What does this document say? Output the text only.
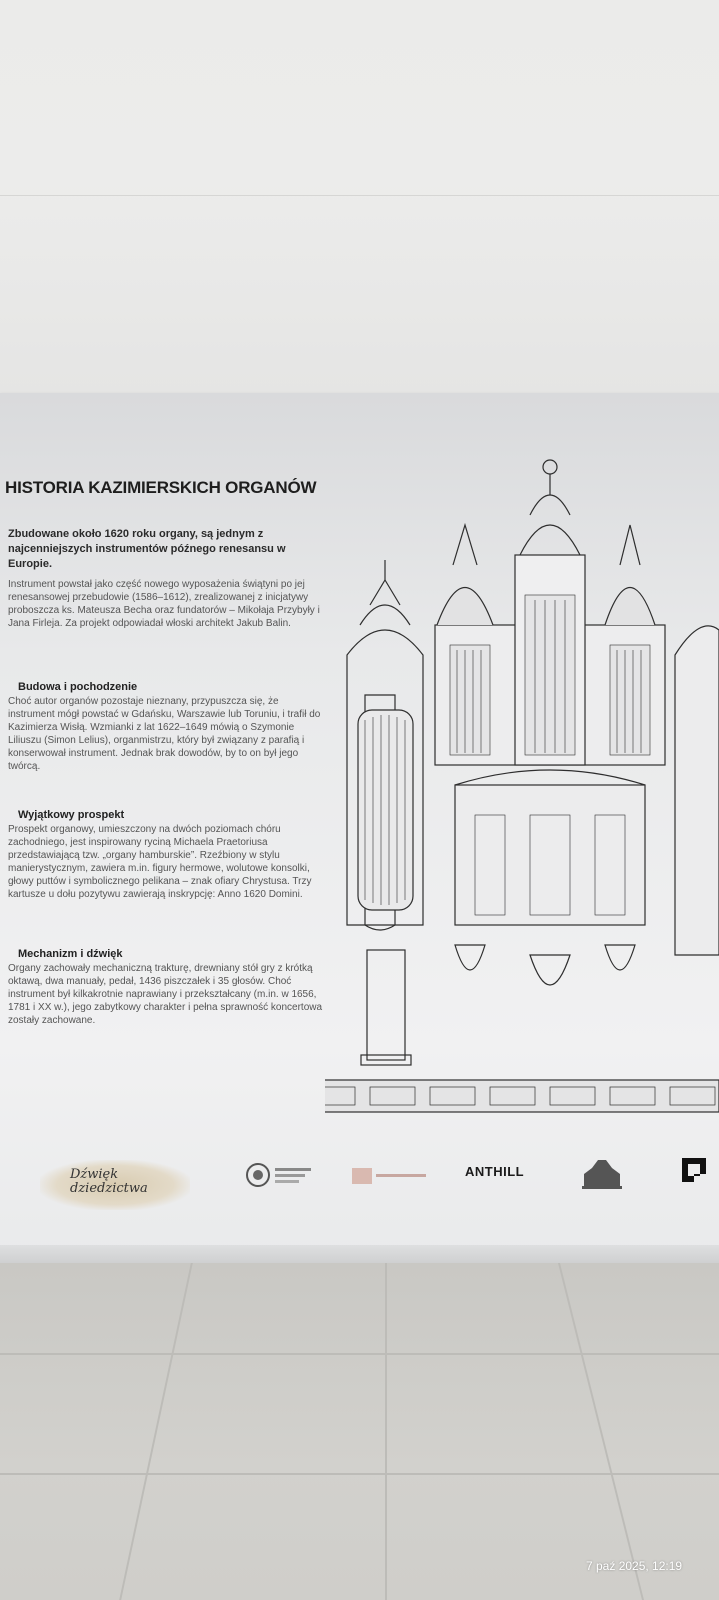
HISTORIA KAZIMIERSKICH ORGANÓW
Zbudowane około 1620 roku organy, są jednym z najcenniejszych instrumentów późnego renesansu w Europie.
Instrument powstał jako część nowego wyposażenia świątyni po jej renesansowej przebudowie (1586–1612), zrealizowanej z inicjatywy proboszcza ks. Mateusza Becha oraz fundatorów – Mikołaja Przybyły i Jana Firleja. Za projekt odpowiadał włoski architekt Jakub Balin.
Budowa i pochodzenie
Choć autor organów pozostaje nieznany, przypuszcza się, że instrument mógł powstać w Gdańsku, Warszawie lub Toruniu, i trafił do Kazimierza Wisłą. Wzmianki z lat 1622–1649 mówią o Szymonie Liliuszu (Simon Lelius), organmistrzu, który był związany z parafią i konserwował instrument. Jednak brak dowodów, by to on był jego twórcą.
Wyjątkowy prospekt
Prospekt organowy, umieszczony na dwóch poziomach chóru zachodniego, jest inspirowany ryciną Michaela Praetoriusa przedstawiającą tzw. „organy hamburskie”. Rzeźbiony w stylu manierystycznym, zawiera m.in. figury hermowe, wolutowe konsolki, głowy puttów i symbolicznego pelikana – znak ofiary Chrystusa. Trzy kartusze u dołu pozytywu zawierają inskrypcję: Anno 1620 Domini.
Mechanizm i dźwięk
Organy zachowały mechaniczną trakturę, drewniany stół gry z krótką oktawą, dwa manuały, pedał, 1436 piszczałek i 35 głosów. Choć instrument był kilkakrotnie naprawiany i przekształcany (m.in. w 1656, 1781 i XX w.), jego zabytkowy charakter i pełna sprawność koncertowa zostały zachowane.
Dźwięk dziedzictwa
ANTHILL
7 paź 2025, 12:19
